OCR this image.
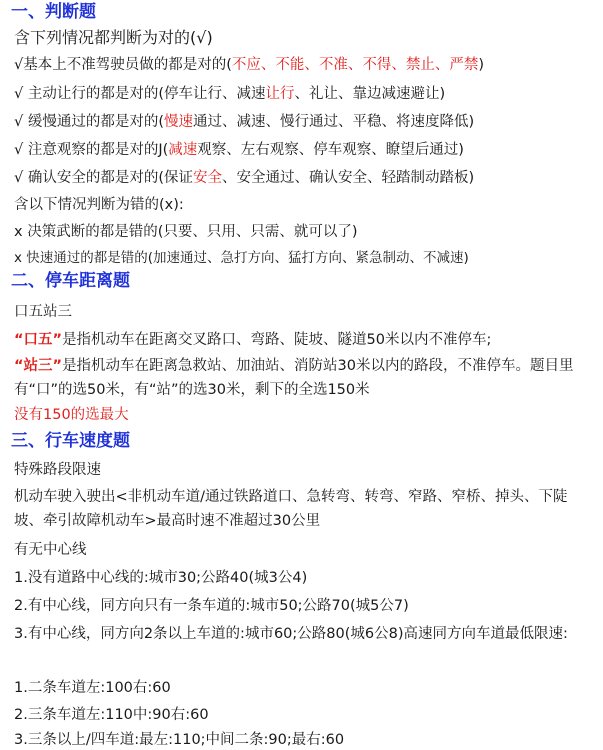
一、判断题
含下列情况都判断为对的(√)
√基本上不准驾驶员做的都是对的(不应、不能、不准、不得、禁止、严禁)
√ 主动让行的都是对的(停车让行、减速让行、礼让、靠边减速避让)
√ 缓慢通过的都是对的(慢速通过、减速、慢行通过、平稳、将速度降低)
√ 注意观察的都是对的J(减速观察、左右观察、停车观察、瞭望后通过)
√ 确认安全的都是对的(保证安全、安全通过、确认安全、轻踏制动踏板)
含以下情况判断为错的(x):
x 决策武断的都是错的(只要、只用、只需、就可以了)
x 快速通过的都是错的(加速通过、急打方向、猛打方向、紧急制动、不减速)
二、停车距离题
口五站三
“口五”是指机动车在距离交叉路口、弯路、陡坡、隧道50米以内不准停车;
“站三”是指机动车在距离急救站、加油站、消防站30米以内的路段，不准停车。题目里有“口”的选50米，有“站”的选30米，剩下的全选150米
没有150的选最大
三、行车速度题
特殊路段限速
机动车驶入驶出<非机动车道/通过铁路道口、急转弯、转弯、窄路、窄桥、掉头、下陡坡、牵引故障机动车>最高时速不准超过30公里
有无中心线
1.没有道路中心线的:城市30;公路40(城3公4)
2.有中心线，同方向只有一条车道的:城市50;公路70(城5公7)
3.有中心线，同方向2条以上车道的:城市60;公路80(城6公8)高速同方向车道最低限速:
1.二条车道左:100右:60
2.三条车道左:110中:90右:60
3.三条以上/四车道:最左:110;中间二条:90;最右:60
